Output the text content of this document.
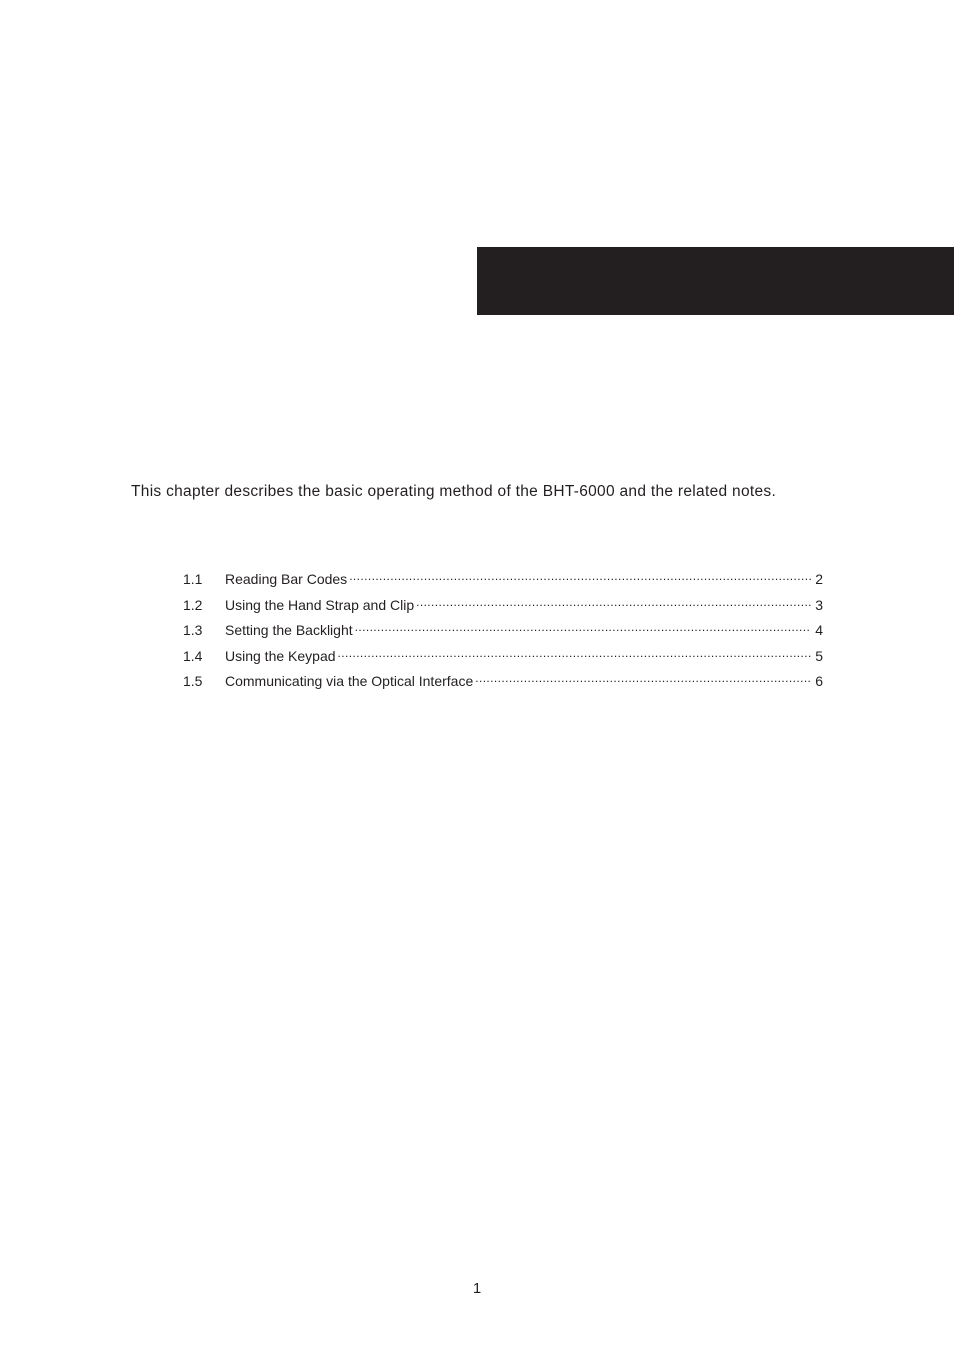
This chapter describes the basic operating method of the BHT-6000 and the related notes.

1.1	Reading Bar Codes .....	2
1.2	Using the Hand Strap and Clip .....	3
1.3	Setting the Backlight .....	4
1.4	Using the Keypad .....	5
1.5	Communicating via the Optical Interface .....	6
1
